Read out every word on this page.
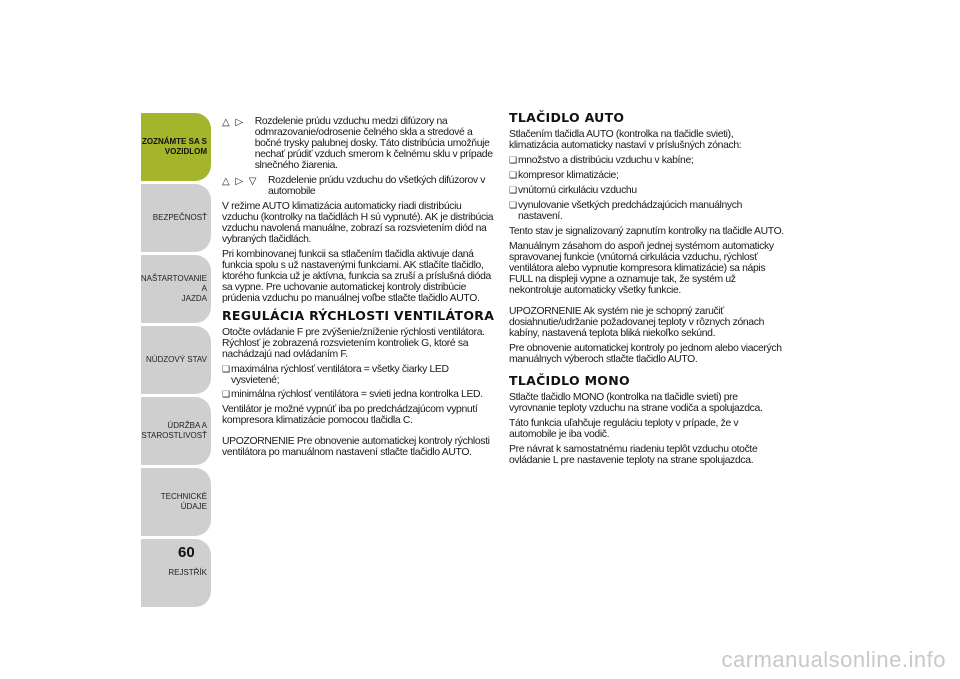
ZOZNÁMTE SA S
VOZIDLOM
BEZPEČNOSŤ
NAŠTARTOVANIE A
JAZDA
NÚDZOVÝ STAV
ÚDRŽBA A
STAROSTLIVOSŤ
TECHNICKÉ ÚDAJE
REJSTŘÍK
60
△ ▷ Rozdelenie prúdu vzduchu medzi difúzory na odmrazovanie/odrosenie čelného skla a stredové a bočné trysky palubnej dosky. Táto distribúcia umožňuje nechať prúdiť vzduch smerom k čelnému sklu v prípade slnečného žiarenia.
△ ▷ ▽ Rozdelenie prúdu vzduchu do všetkých difúzorov v automobile

V režime AUTO klimatizácia automaticky riadi distribúciu vzduchu (kontrolky na tlačidlách H sú vypnuté). AK je distribúcia vzduchu navolená manuálne, zobrazí sa rozsvietením diód na vybraných tlačidlách.

Pri kombinovanej funkcii sa stlačením tlačidla aktivuje daná funkcia spolu s už nastavenými funkciami. AK stlačíte tlačidlo, ktorého funkcia už je aktívna, funkcia sa zruší a príslušná dióda sa vypne. Pre uchovanie automatickej kontroly distribúcie prúdenia vzduchu po manuálnej voľbe stlačte tlačidlo AUTO.

REGULÁCIA RÝCHLOSTI VENTILÁTORA

Otočte ovládanie F pre zvýšenie/zníženie rýchlosti ventilátora. Rýchlosť je zobrazená rozsvietením kontroliek G, ktoré sa nachádzajú nad ovládaním F.

❑ maximálna rýchlosť ventilátora = všetky čiarky LED vysvietené;
❑ minimálna rýchlosť ventilátora = svieti jedna kontrolka LED.

Ventilátor je možné vypnúť iba po predchádzajúcom vypnutí kompresora klimatizácie pomocou tlačidla C.

UPOZORNENIE Pre obnovenie automatickej kontroly rýchlosti ventilátora po manuálnom nastavení stlačte tlačidlo AUTO.

TLAČIDLO AUTO

Stlačením tlačidla AUTO (kontrolka na tlačidle svieti), klimatizácia automaticky nastaví v príslušných zónach:

❑ množstvo a distribúciu vzduchu v kabíne;
❑ kompresor klimatizácie;
❑ vnútornú cirkuláciu vzduchu
❑ vynulovanie všetkých predchádzajúcich manuálnych nastavení.

Tento stav je signalizovaný zapnutím kontrolky na tlačidle AUTO.

Manuálnym zásahom do aspoň jednej systémom automaticky spravovanej funkcie (vnútorná cirkulácia vzduchu, rýchlosť ventilátora alebo vypnutie kompresora klimatizácie) sa nápis FULL na displeji vypne a oznamuje tak, že systém už nekontroluje automaticky všetky funkcie.

UPOZORNENIE Ak systém nie je schopný zaručiť dosiahnutie/udržanie požadovanej teploty v rôznych zónach kabíny, nastavená teplota bliká niekoľko sekúnd.

Pre obnovenie automatickej kontroly po jednom alebo viacerých manuálnych výberoch stlačte tlačidlo AUTO.

TLAČIDLO MONO

Stlačte tlačidlo MONO (kontrolka na tlačidle svieti) pre vyrovnanie teploty vzduchu na strane vodiča a spolujazdca.

Táto funkcia uľahčuje reguláciu teploty v prípade, že v automobile je iba vodič.

Pre návrat k samostatnému riadeniu teplôt vzduchu otočte ovládanie L pre nastavenie teploty na strane spolujazdca.

carmanualsonline.info
